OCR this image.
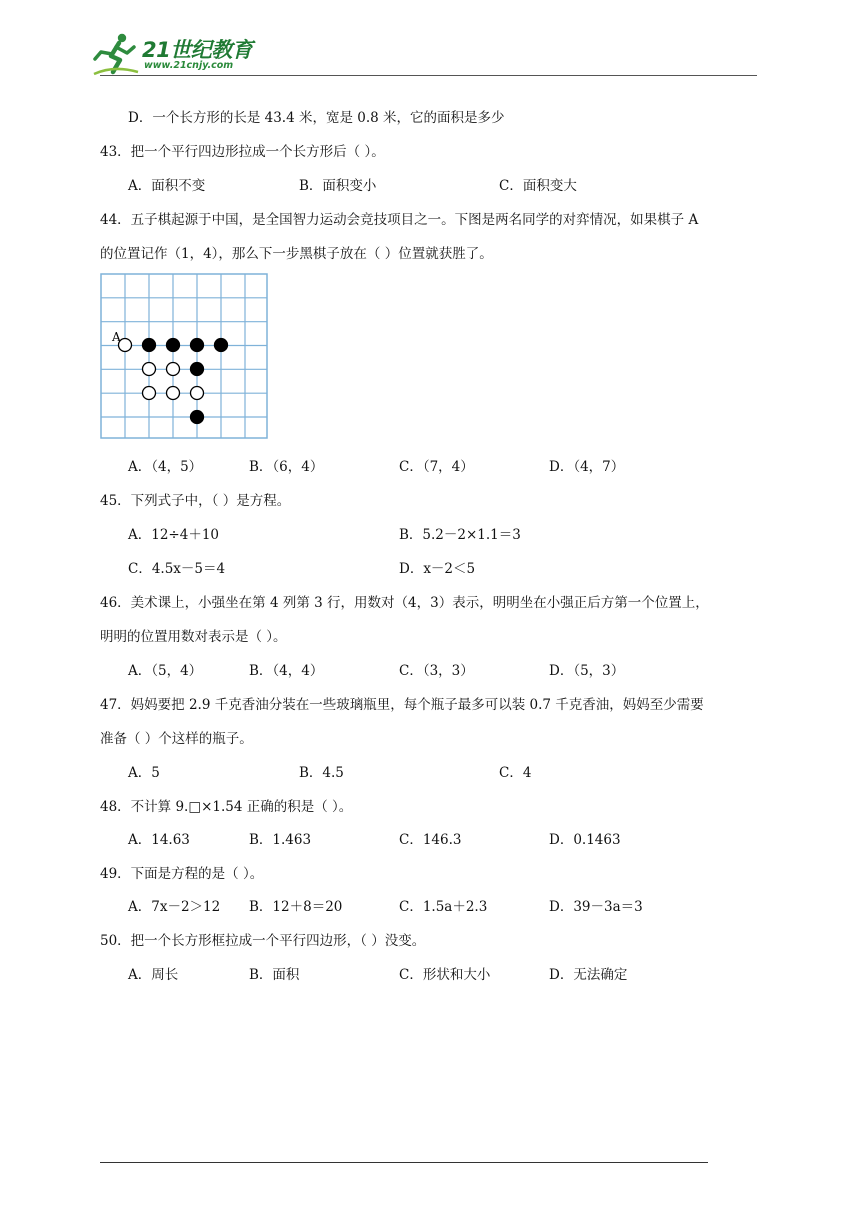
21世纪教育
www.21cnjy.com
D．一个长方形的长是 43.4 米，宽是 0.8 米，它的面积是多少
43．把一个平行四边形拉成一个长方形后（ ）。
44．五子棋起源于中国，是全国智力运动会竞技项目之一。下图是两名同学的对弈情况，如果棋子 A
的位置记作（1，4），那么下一步黑棋子放在（ ）位置就获胜了。
45．下列式子中，（ ）是方程。
46．美术课上，小强坐在第 4 列第 3 行，用数对（4，3）表示，明明坐在小强正后方第一个位置上，
明明的位置用数对表示是（ ）。
47．妈妈要把 2.9 千克香油分装在一些玻璃瓶里，每个瓶子最多可以装 0.7 千克香油，妈妈至少需要
准备（ ）个这样的瓶子。
48．不计算 9.□×1.54 正确的积是（ ）。
49．下面是方程的是（ ）。
50．把一个长方形框拉成一个平行四边形，（ ）没变。
A．面积不变	B．面积变小	C．面积变大
A．（4，5）	B．（6，4）	C．（7，4）	D．（4，7）
A．12÷4＋10	B．5.2－2×1.1＝3
C．4.5x－5＝4	D．x－2＜5
A．（5，4）	B．（4，4）	C．（3，3）	D．（5，3）
A．5	B．4.5	C．4
A．14.63	B．1.463	C．146.3	D．0.1463
A．7x－2＞12 B．12＋8＝20	C．1.5a＋2.3	D．39－3a＝3
A．周长	B．面积	C．形状和大小	D．无法确定
A
